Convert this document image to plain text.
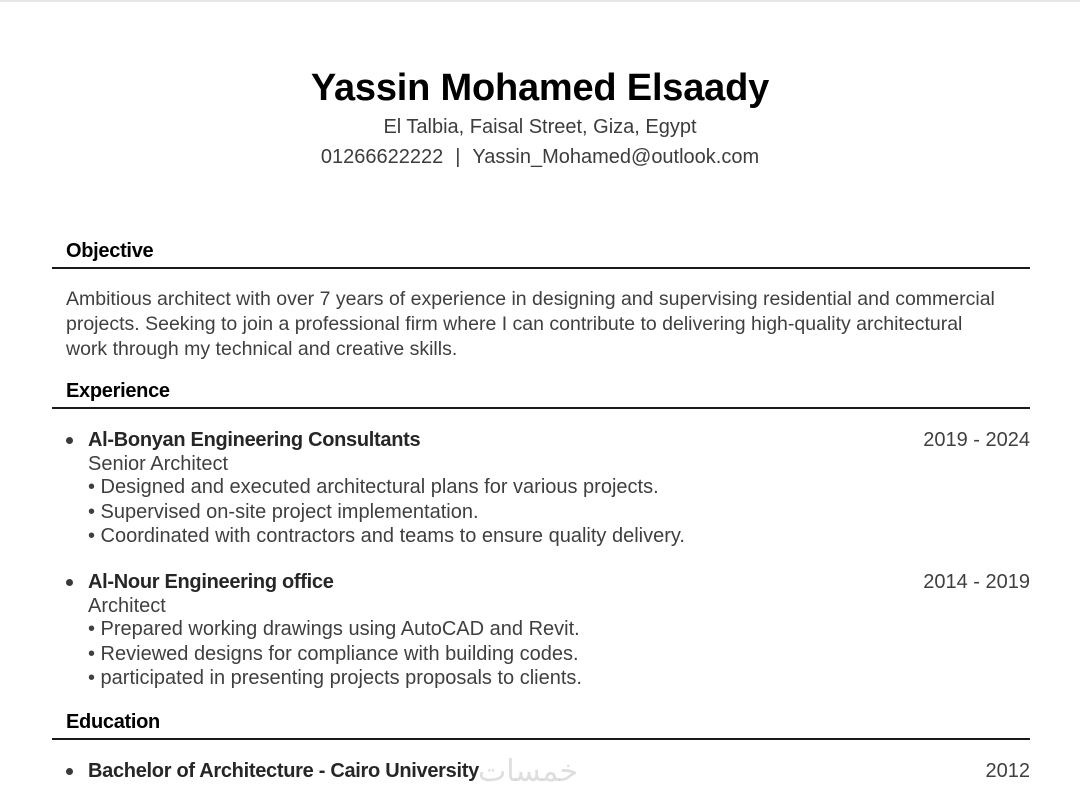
Yassin Mohamed Elsaady
El Talbia, Faisal Street, Giza, Egypt
01266622222 | Yassin_Mohamed@outlook.com
Objective
Ambitious architect with over 7 years of experience in designing and supervising residential and commercial projects. Seeking to join a professional firm where I can contribute to delivering high-quality architectural work through my technical and creative skills.
Experience
Al-Bonyan Engineering Consultants	2019 - 2024
Senior Architect
• Designed and executed architectural plans for various projects.
• Supervised on-site project implementation.
• Coordinated with contractors and teams to ensure quality delivery.
Al-Nour Engineering office	2014 - 2019
Architect
• Prepared working drawings using AutoCAD and Revit.
• Reviewed designs for compliance with building codes.
• participated in presenting projects proposals to clients.
Education
Bachelor of Architecture - Cairo University	2012
خمسات
